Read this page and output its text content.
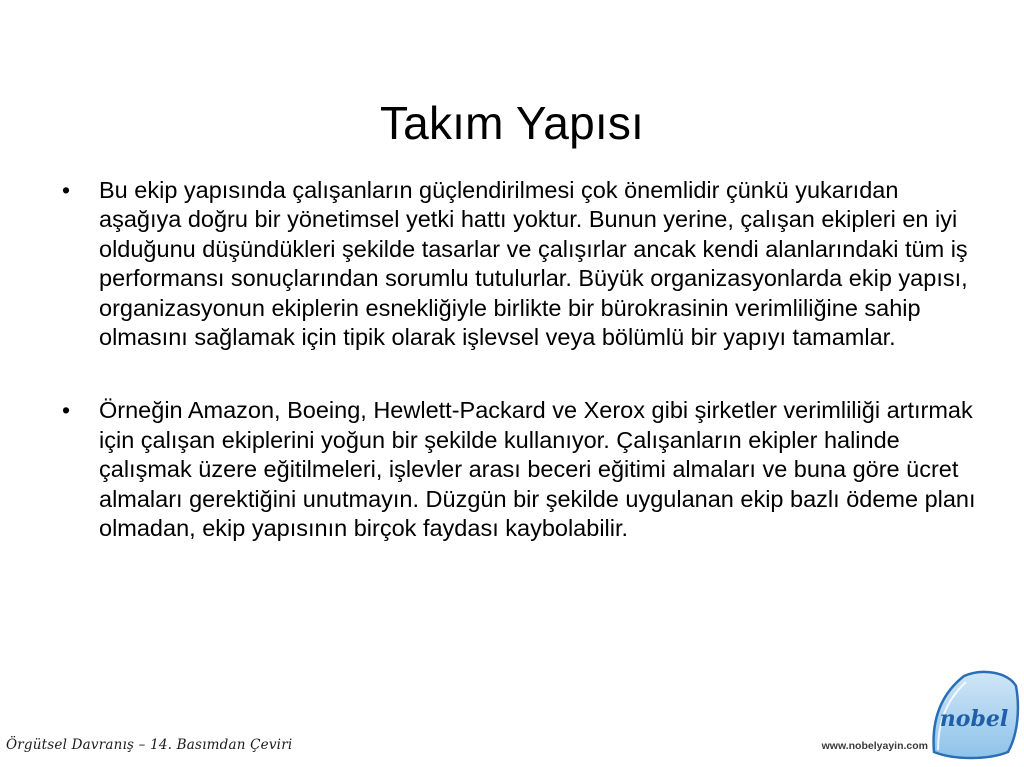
Takım Yapısı
•	Bu ekip yapısında çalışanların güçlendirilmesi çok önemlidir çünkü yukarıdan aşağıya doğru bir yönetimsel yetki hattı yoktur. Bunun yerine, çalışan ekipleri en iyi olduğunu düşündükleri şekilde tasarlar ve çalışırlar ancak kendi alanlarındaki tüm iş performansı sonuçlarından sorumlu tutulurlar. Büyük organizasyonlarda ekip yapısı, organizasyonun ekiplerin esnekliğiyle birlikte bir bürokrasinin verimliliğine sahip olmasını sağlamak için tipik olarak işlevsel veya bölümlü bir yapıyı tamamlar.
•	Örneğin Amazon, Boeing, Hewlett-Packard ve Xerox gibi şirketler verimliliği artırmak için çalışan ekiplerini yoğun bir şekilde kullanıyor. Çalışanların ekipler halinde çalışmak üzere eğitilmeleri, işlevler arası beceri eğitimi almaları ve buna göre ücret almaları gerektiğini unutmayın. Düzgün bir şekilde uygulanan ekip bazlı ödeme planı olmadan, ekip yapısının birçok faydası kaybolabilir.
Örgütsel Davranış – 14. Basımdan Çeviri	www.nobelyayin.com
nobel
